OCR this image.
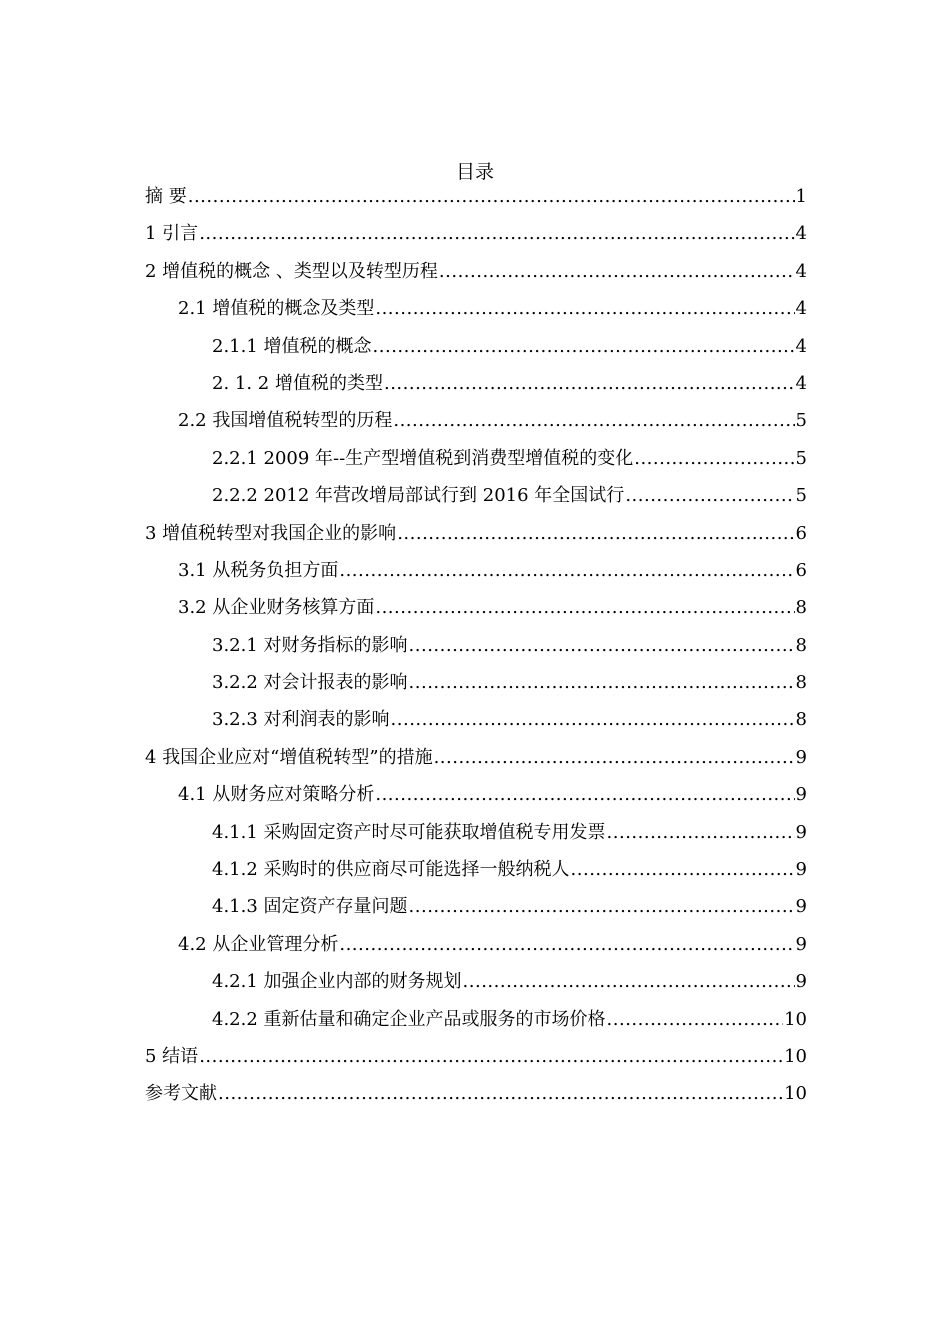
目录
摘 要 .....	1
1 引言 .....	4
2 增值税的概念 、类型以及转型历程 .....	4
2.1 增值税的概念及类型 .....	4
2.1.1 增值税的概念 .....	4
2. 1. 2 增值税的类型 .....	4
2.2 我国增值税转型的历程 .....	5
2.2.1 2009 年--生产型增值税到消费型增值税的变化 .....	5
2.2.2 2012 年营改增局部试行到 2016 年全国试行 .....	5
3 增值税转型对我国企业的影响 .....	6
3.1 从税务负担方面 .....	6
3.2 从企业财务核算方面 .....	8
3.2.1 对财务指标的影响 .....	8
3.2.2 对会计报表的影响 .....	8
3.2.3 对利润表的影响 .....	8
4 我国企业应对“增值税转型”的措施 .....	9
4.1 从财务应对策略分析 .....	9
4.1.1 采购固定资产时尽可能获取增值税专用发票 .....	9
4.1.2 采购时的供应商尽可能选择一般纳税人 .....	9
4.1.3 固定资产存量问题 .....	9
4.2 从企业管理分析 .....	9
4.2.1 加强企业内部的财务规划 .....	9
4.2.2 重新估量和确定企业产品或服务的市场价格 .....	10
5 结语 .....	10
参考文献 .....	10
